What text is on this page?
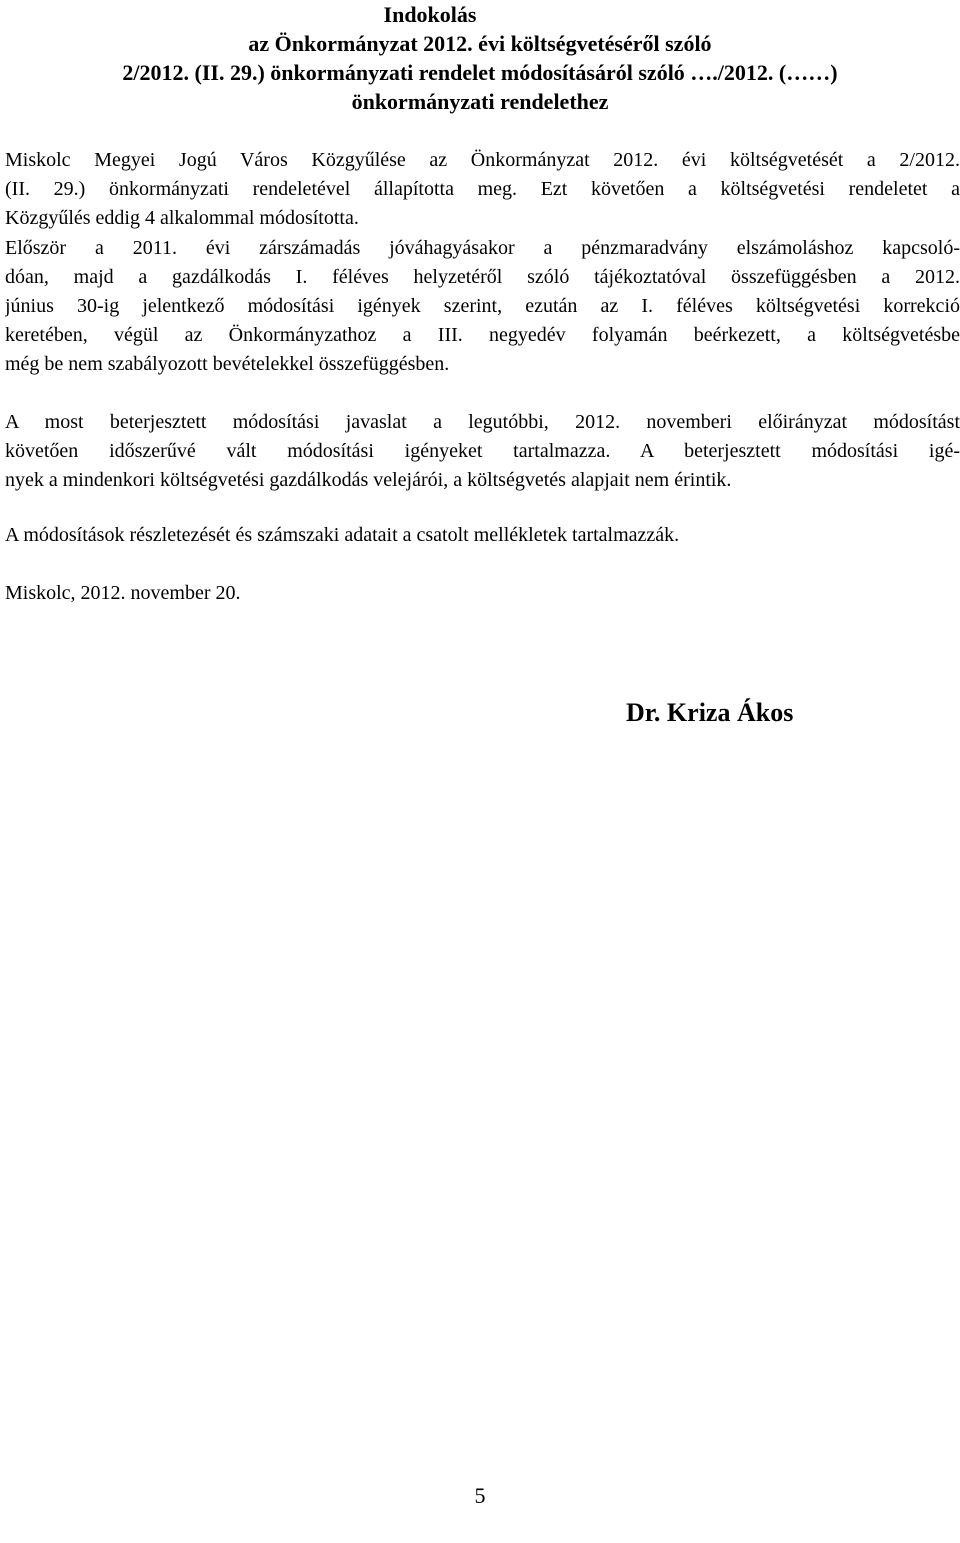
Indokolás
az Önkormányzat 2012. évi költségvetéséről szóló
2/2012. (II. 29.) önkormányzati rendelet módosításáról szóló …./2012. (……)
önkormányzati rendelethez
Miskolc Megyei Jogú Város Közgyűlése az Önkormányzat 2012. évi költségvetését a 2/2012.
(II. 29.) önkormányzati rendeletével állapította meg. Ezt követően a költségvetési rendeletet a
Közgyűlés eddig 4 alkalommal módosította.
Először a 2011. évi zárszámadás jóváhagyásakor a pénzmaradvány elszámoláshoz kapcsoló-
dóan, majd a gazdálkodás I. féléves helyzetéről szóló tájékoztatóval összefüggésben a 2012.
június 30-ig jelentkező módosítási igények szerint, ezután az I. féléves költségvetési korrekció
keretében, végül az Önkormányzathoz a III. negyedév folyamán beérkezett, a költségvetésbe
még be nem szabályozott bevételekkel összefüggésben.
A most beterjesztett módosítási javaslat a legutóbbi, 2012. novemberi előirányzat módosítást
követően időszerűvé vált módosítási igényeket tartalmazza. A beterjesztett módosítási igé-
nyek a mindenkori költségvetési gazdálkodás velejárói, a költségvetés alapjait nem érintik.
A módosítások részletezését és számszaki adatait a csatolt mellékletek tartalmazzák.
Miskolc, 2012. november 20.
Dr. Kriza Ákos
5
